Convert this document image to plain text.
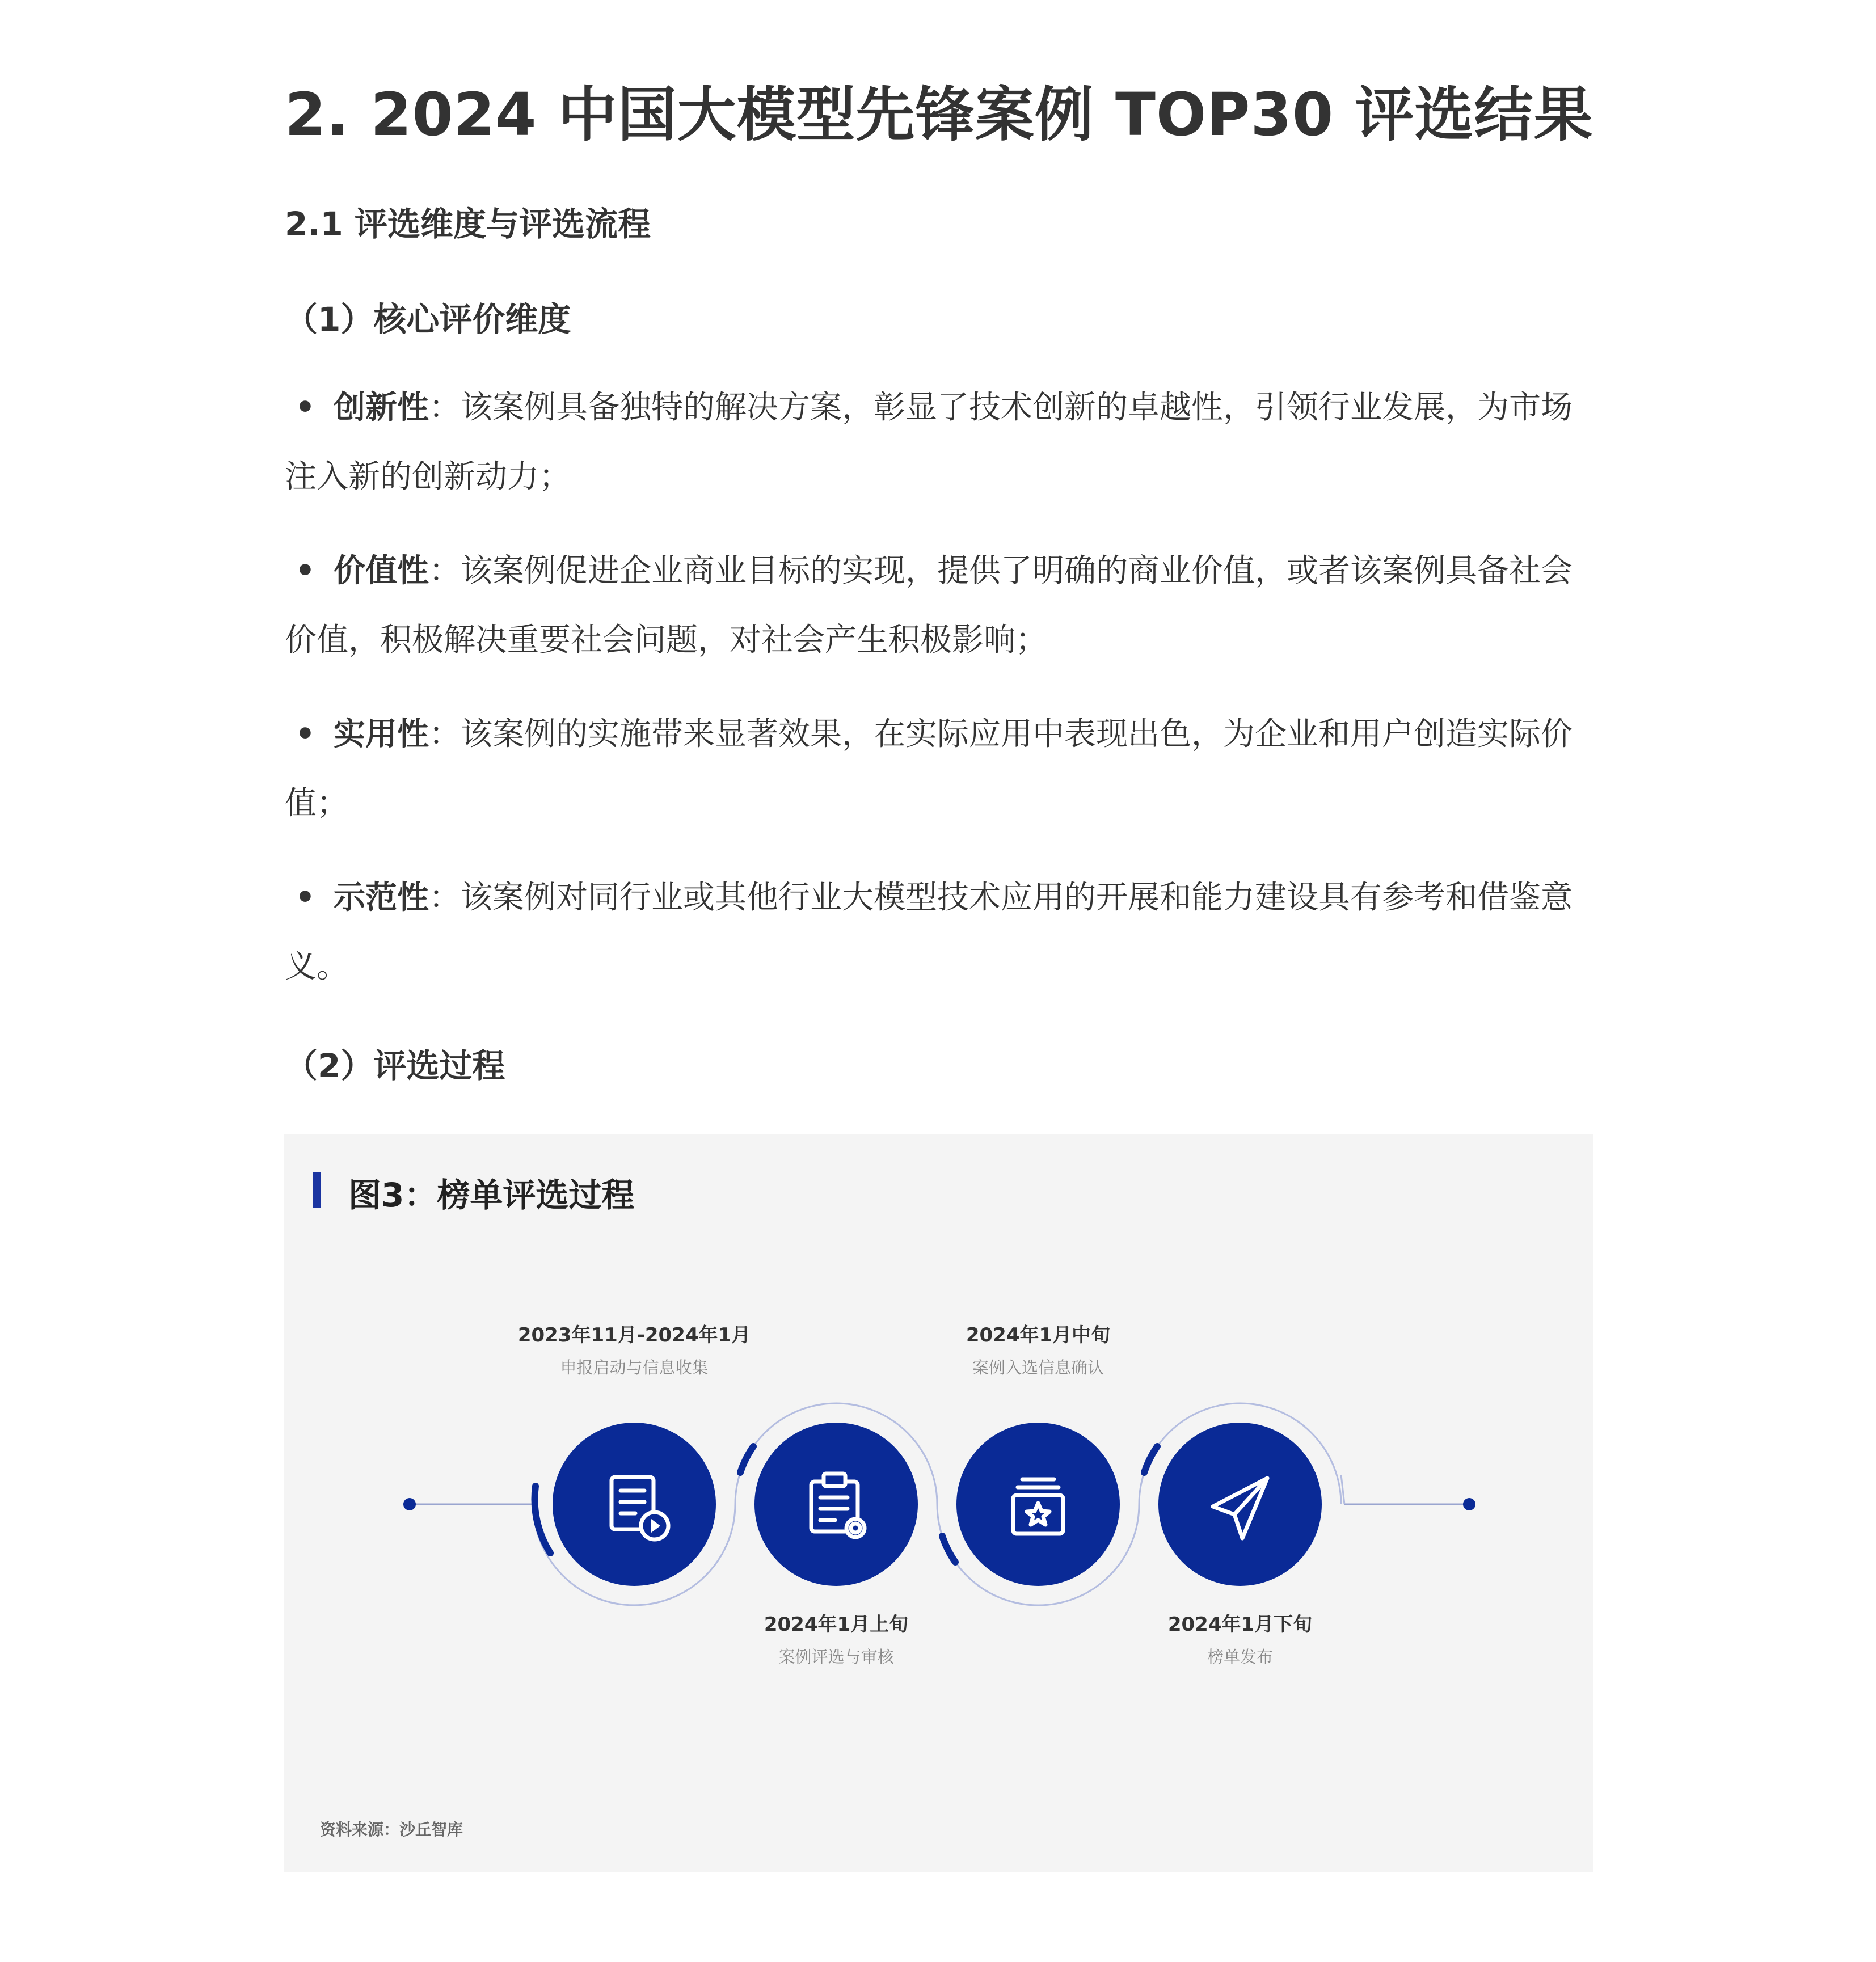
2. 2024 中国大模型先锋案例 TOP30 评选结果
2.1 评选维度与评选流程
（1）核心评价维度
• 创新性：该案例具备独特的解决方案，彰显了技术创新的卓越性，引领行业发展，为市场注入新的创新动力；
• 价值性：该案例促进企业商业目标的实现，提供了明确的商业价值，或者该案例具备社会价值，积极解决重要社会问题，对社会产生积极影响；
• 实用性：该案例的实施带来显著效果，在实际应用中表现出色，为企业和用户创造实际价值；
• 示范性：该案例对同行业或其他行业大模型技术应用的开展和能力建设具有参考和借鉴意义。
（2）评选过程
图3：榜单评选过程
2023年11月-2024年1月
申报启动与信息收集
2024年1月上旬
案例评选与审核
2024年1月中旬
案例入选信息确认
2024年1月下旬
榜单发布
资料来源：沙丘智库
